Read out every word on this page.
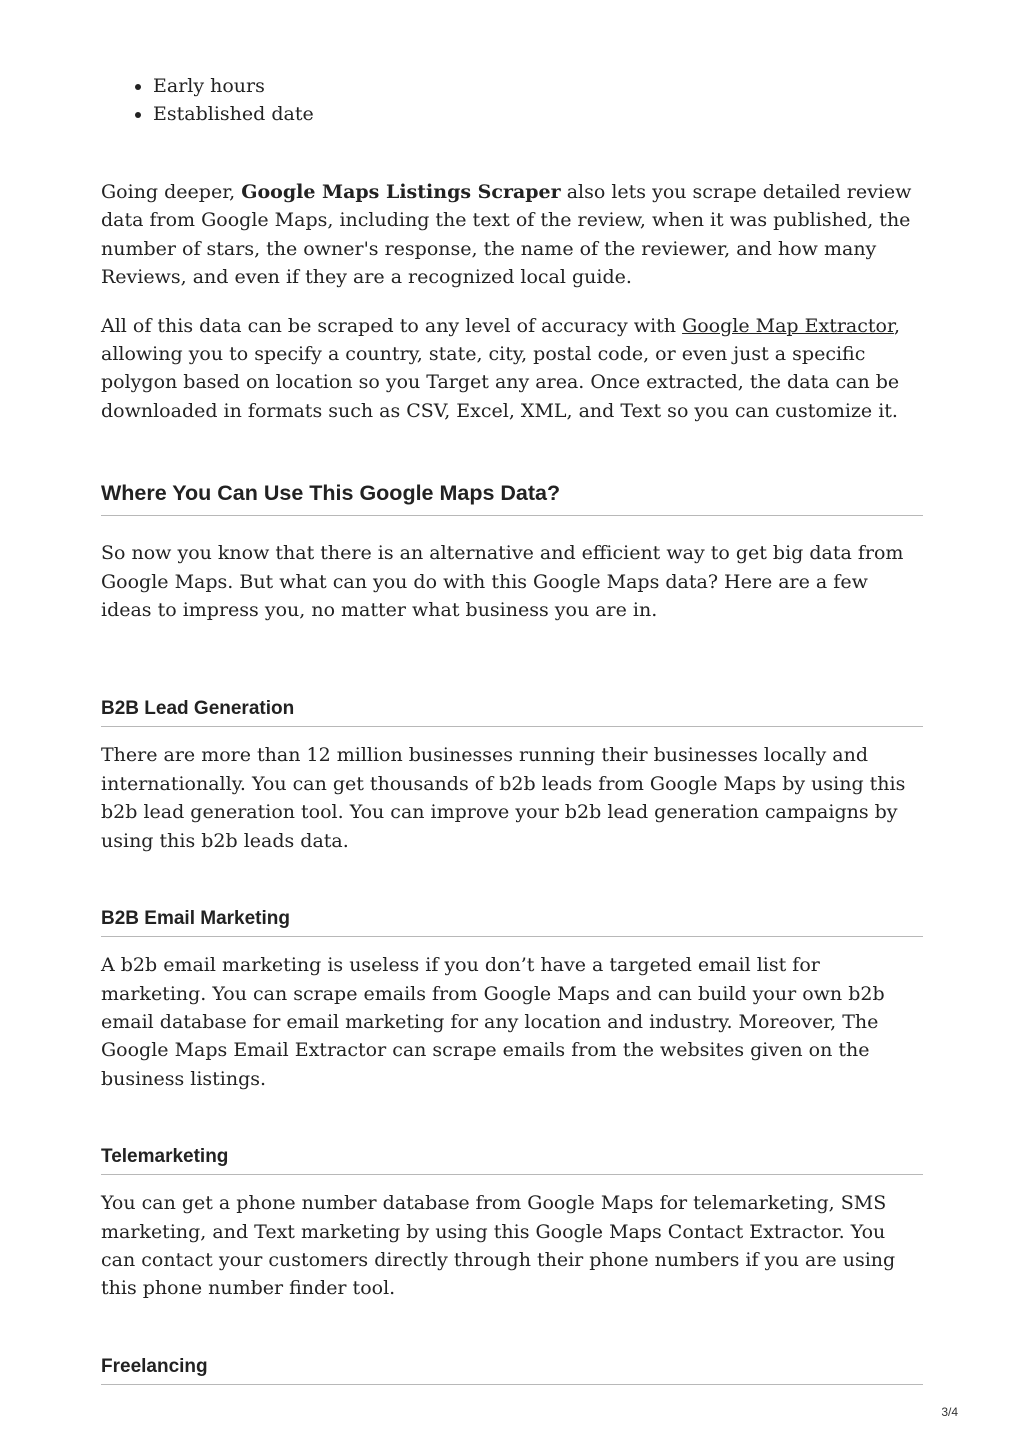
• Early hours
• Established date

Going deeper, Google Maps Listings Scraper also lets you scrape detailed review data from Google Maps, including the text of the review, when it was published, the number of stars, the owner's response, the name of the reviewer, and how many Reviews, and even if they are a recognized local guide.

All of this data can be scraped to any level of accuracy with Google Map Extractor, allowing you to specify a country, state, city, postal code, or even just a specific polygon based on location so you Target any area. Once extracted, the data can be downloaded in formats such as CSV, Excel, XML, and Text so you can customize it.

Where You Can Use This Google Maps Data?

So now you know that there is an alternative and efficient way to get big data from Google Maps. But what can you do with this Google Maps data? Here are a few ideas to impress you, no matter what business you are in.

B2B Lead Generation

There are more than 12 million businesses running their businesses locally and internationally. You can get thousands of b2b leads from Google Maps by using this b2b lead generation tool. You can improve your b2b lead generation campaigns by using this b2b leads data.

B2B Email Marketing

A b2b email marketing is useless if you don’t have a targeted email list for marketing. You can scrape emails from Google Maps and can build your own b2b email database for email marketing for any location and industry. Moreover, The Google Maps Email Extractor can scrape emails from the websites given on the business listings.

Telemarketing

You can get a phone number database from Google Maps for telemarketing, SMS marketing, and Text marketing by using this Google Maps Contact Extractor. You can contact your customers directly through their phone numbers if you are using this phone number finder tool.

Freelancing
3/4
